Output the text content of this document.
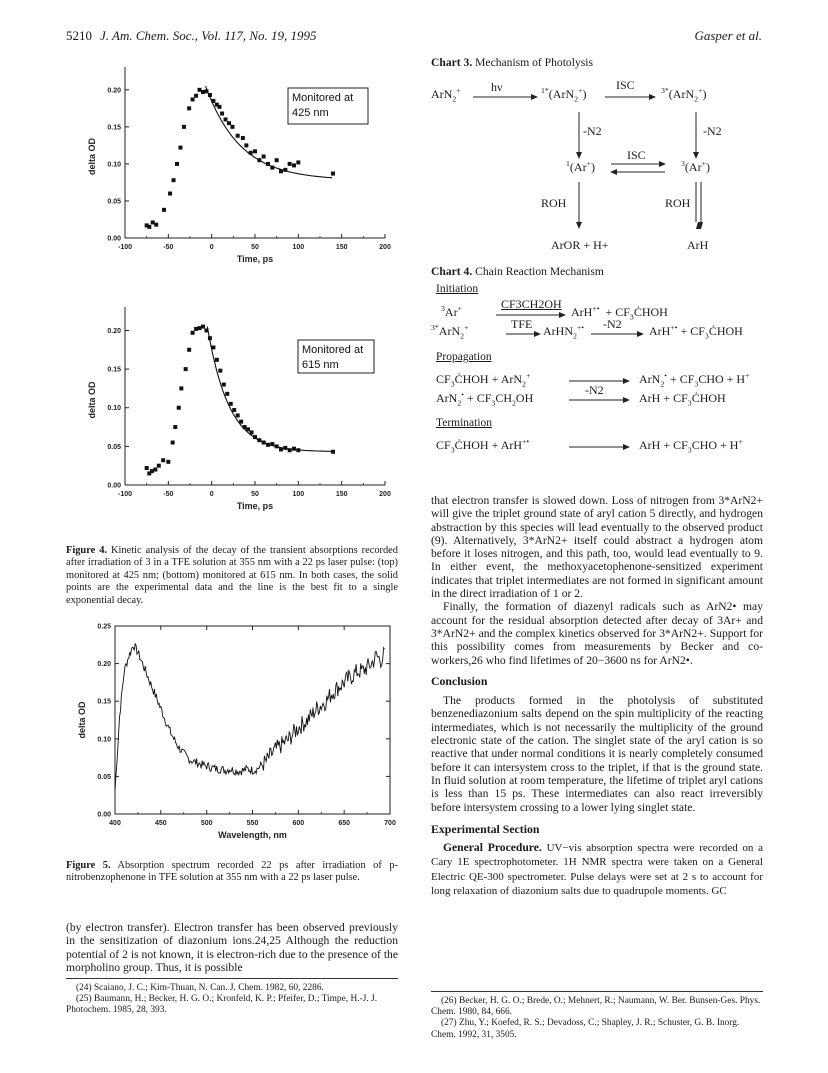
5210 J. Am. Chem. Soc., Vol. 117, No. 19, 1995	Gasper et al.
-100	-50	0	50	100	150	200
0.00
0.05
0.10
0.15
0.20
Time, ps
delta OD
Monitored at
425 nm
-100	-50	0	50	100	150	200
0.00
0.05
0.10
0.15
0.20
Time, ps
delta OD
Monitored at
615 nm
Figure 4. Kinetic analysis of the decay of the transient absorptions recorded after irradiation of 3 in a TFE solution at 355 nm with a 22 ps laser pulse: (top) monitored at 425 nm; (bottom) monitored at 615 nm. In both cases, the solid points are the experimental data and the line is the best fit to a single exponential decay.
400	450	500	550	600	650	700
0.00
0.05
0.10
0.15
0.20
0.25
Wavelength, nm
delta OD
Figure 5. Absorption spectrum recorded 22 ps after irradiation of p-nitrobenzophenone in TFE solution at 355 nm with a 22 ps laser pulse.

(by electron transfer). Electron transfer has been observed previously in the sensitization of diazonium ions.24,25 Although the reduction potential of 2 is not known, it is electron-rich due to the presence of the morpholino group. Thus, it is possible

(24) Scaiano, J. C.; Kim-Thuan, N. Can. J. Chem. 1982, 60, 2286.
(25) Baumann, H.; Becker, H. G. O.; Kronfeld, K. P.; Pfeifer, D.; Timpe, H.-J. J. Photochem. 1985, 28, 393.
Chart 3. Mechanism of Photolysis
ArN$_2$+	hν	$^{1*}$(ArN$_2$+)
ISC	$^{3*}$(ArN$_2$+)
-N2	-N2
$^1$(Ar+)
ISC
$^3$(Ar+)
ROH	ROH
ArOR + H+	ArH
Chart 4. Chain Reaction Mechanism
Initiation
$^3$Ar+	CF3CH2OH
$ArH^{+•} + CF_3ĊHOH$
$^{3*}$ArN$_2$+	TFE ArHN$_2$+• -N2 $ArH^{+•} + CF_3ĊHOH$
Propagation
$CF_3ĊHOH + ArN_2^+$	$ArN_2^• + CF_3CHO + H^+$
$ArN_2^• + CF_3CH_2OH$
-N2
ArH + $CF_3ĊHOH$
Termination
$CF_3ĊHOH + ArH^{+•}$	ArH + $CF_3CHO + H^+$

that electron transfer is slowed down. Loss of nitrogen from 3*ArN2+ will give the triplet ground state of aryl cation 5 directly, and hydrogen abstraction by this species will lead eventually to the observed product (9). Alternatively, 3*ArN2+ itself could abstract a hydrogen atom before it loses nitrogen, and this path, too, would lead eventually to 9. In either event, the methoxyacetophenone-sensitized experiment indicates that triplet intermediates are not formed in significant amount in the direct irradiation of 1 or 2.

Finally, the formation of diazenyl radicals such as ArN2• may account for the residual absorption detected after decay of 3Ar+ and 3*ArN2+ and the complex kinetics observed for 3*ArN2+. Support for this possibility comes from measurements by Becker and co-workers,26 who find lifetimes of 20−3600 ns for ArN2•.

Conclusion

The products formed in the photolysis of substituted benzenediazonium salts depend on the spin multiplicity of the reacting intermediates, which is not necessarily the multiplicity of the ground electronic state of the cation. The singlet state of the aryl cation is so reactive that under normal conditions it is nearly completely consumed before it can intersystem cross to the triplet, if that is the ground state. In fluid solution at room temperature, the lifetime of triplet aryl cations is less than 15 ps. These intermediates can also react irreversibly before intersystem crossing to a lower lying singlet state.

Experimental Section

General Procedure. UV−vis absorption spectra were recorded on a Cary 1E spectrophotometer. 1H NMR spectra were taken on a General Electric QE-300 spectrometer. Pulse delays were set at 2 s to account for long relaxation of diazonium salts due to quadrupole moments. GC

(26) Becker, H. G. O.; Brede, O.; Mehnert, R.; Naumann, W. Ber. Bunsen-Ges. Phys. Chem. 1980, 84, 666.
(27) Zhu, Y.; Koefed, R. S.; Devadoss, C.; Shapley, J. R.; Schuster, G. B. Inorg. Chem. 1992, 31, 3505.
